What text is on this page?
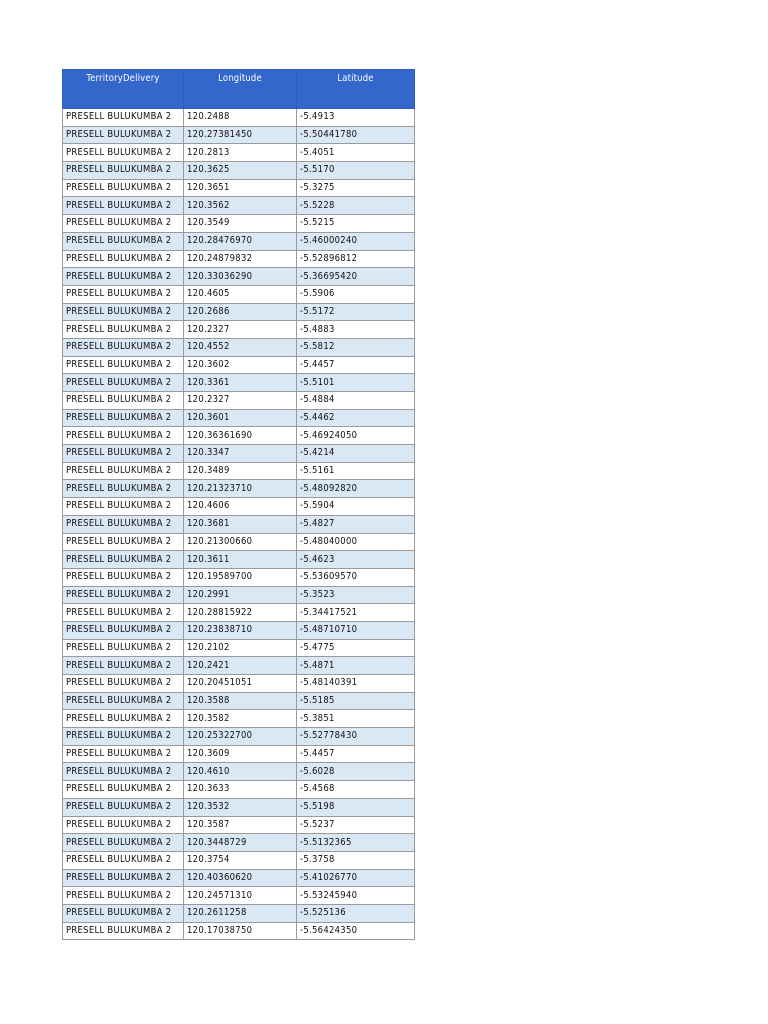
TerritoryDelivery	Longitude	Latitude
PRESELL BULUKUMBA 2	120.2488	-5.4913
PRESELL BULUKUMBA 2	120.27381450	-5.50441780
PRESELL BULUKUMBA 2	120.2813	-5.4051
PRESELL BULUKUMBA 2	120.3625	-5.5170
PRESELL BULUKUMBA 2	120.3651	-5.3275
PRESELL BULUKUMBA 2	120.3562	-5.5228
PRESELL BULUKUMBA 2	120.3549	-5.5215
PRESELL BULUKUMBA 2	120.28476970	-5.46000240
PRESELL BULUKUMBA 2	120.24879832	-5.52896812
PRESELL BULUKUMBA 2	120.33036290	-5.36695420
PRESELL BULUKUMBA 2	120.4605	-5.5906
PRESELL BULUKUMBA 2	120.2686	-5.5172
PRESELL BULUKUMBA 2	120.2327	-5.4883
PRESELL BULUKUMBA 2	120.4552	-5.5812
PRESELL BULUKUMBA 2	120.3602	-5.4457
PRESELL BULUKUMBA 2	120.3361	-5.5101
PRESELL BULUKUMBA 2	120.2327	-5.4884
PRESELL BULUKUMBA 2	120.3601	-5.4462
PRESELL BULUKUMBA 2	120.36361690	-5.46924050
PRESELL BULUKUMBA 2	120.3347	-5.4214
PRESELL BULUKUMBA 2	120.3489	-5.5161
PRESELL BULUKUMBA 2	120.21323710	-5.48092820
PRESELL BULUKUMBA 2	120.4606	-5.5904
PRESELL BULUKUMBA 2	120.3681	-5.4827
PRESELL BULUKUMBA 2	120.21300660	-5.48040000
PRESELL BULUKUMBA 2	120.3611	-5.4623
PRESELL BULUKUMBA 2	120.19589700	-5.53609570
PRESELL BULUKUMBA 2	120.2991	-5.3523
PRESELL BULUKUMBA 2	120.28815922	-5.34417521
PRESELL BULUKUMBA 2	120.23838710	-5.48710710
PRESELL BULUKUMBA 2	120.2102	-5.4775
PRESELL BULUKUMBA 2	120.2421	-5.4871
PRESELL BULUKUMBA 2	120.20451051	-5.48140391
PRESELL BULUKUMBA 2	120.3588	-5.5185
PRESELL BULUKUMBA 2	120.3582	-5.3851
PRESELL BULUKUMBA 2	120.25322700	-5.52778430
PRESELL BULUKUMBA 2	120.3609	-5.4457
PRESELL BULUKUMBA 2	120.4610	-5.6028
PRESELL BULUKUMBA 2	120.3633	-5.4568
PRESELL BULUKUMBA 2	120.3532	-5.5198
PRESELL BULUKUMBA 2	120.3587	-5.5237
PRESELL BULUKUMBA 2	120.3448729	-5.5132365
PRESELL BULUKUMBA 2	120.3754	-5.3758
PRESELL BULUKUMBA 2	120.40360620	-5.41026770
PRESELL BULUKUMBA 2	120.24571310	-5.53245940
PRESELL BULUKUMBA 2	120.2611258	-5.525136
PRESELL BULUKUMBA 2	120.17038750	-5.56424350
